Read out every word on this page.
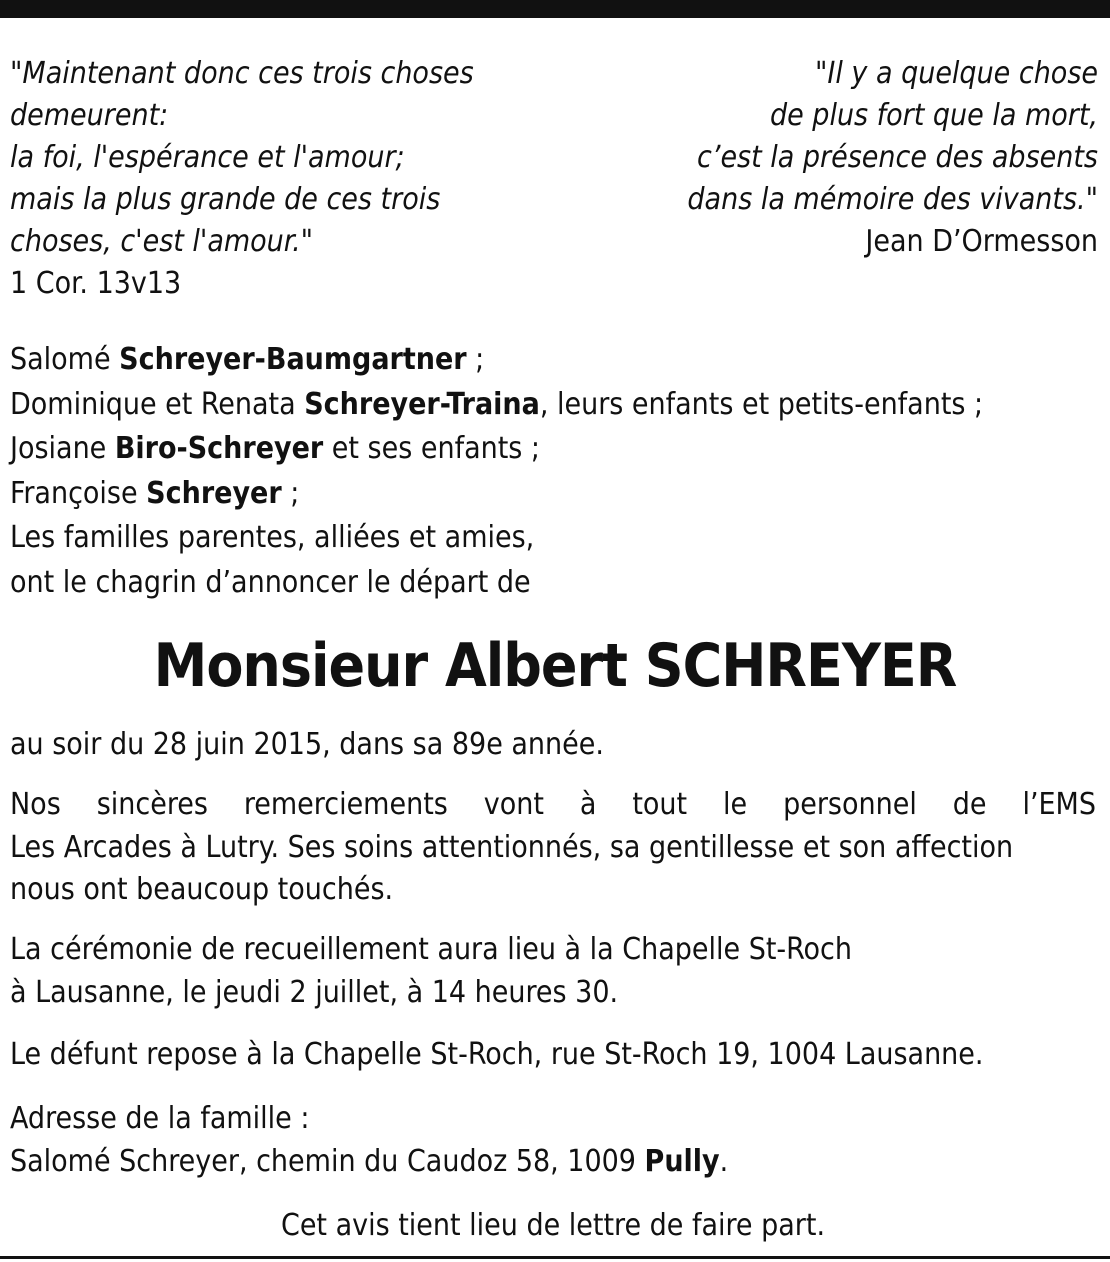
"Maintenant donc ces trois choses
demeurent:
la foi, l'espérance et l'amour;
mais la plus grande de ces trois
choses, c'est l'amour."
1 Cor. 13v13
"Il y a quelque chose
de plus fort que la mort,
c’est la présence des absents
dans la mémoire des vivants."
Jean D’Ormesson
Salomé Schreyer-Baumgartner ;
Dominique et Renata Schreyer-Traina, leurs enfants et petits-enfants ;
Josiane Biro-Schreyer et ses enfants ;
Françoise Schreyer ;
Les familles parentes, alliées et amies,
ont le chagrin d’annoncer le départ de
Monsieur Albert SCHREYER
au soir du 28 juin 2015, dans sa 89e année.
Nos sincères remerciements vont à tout le personnel de l’EMS
Les Arcades à Lutry. Ses soins attentionnés, sa gentillesse et son affection
nous ont beaucoup touchés.
La cérémonie de recueillement aura lieu à la Chapelle St-Roch
à Lausanne, le jeudi 2 juillet, à 14 heures 30.
Le défunt repose à la Chapelle St-Roch, rue St-Roch 19, 1004 Lausanne.
Adresse de la famille :
Salomé Schreyer, chemin du Caudoz 58, 1009 Pully.
Cet avis tient lieu de lettre de faire part.
